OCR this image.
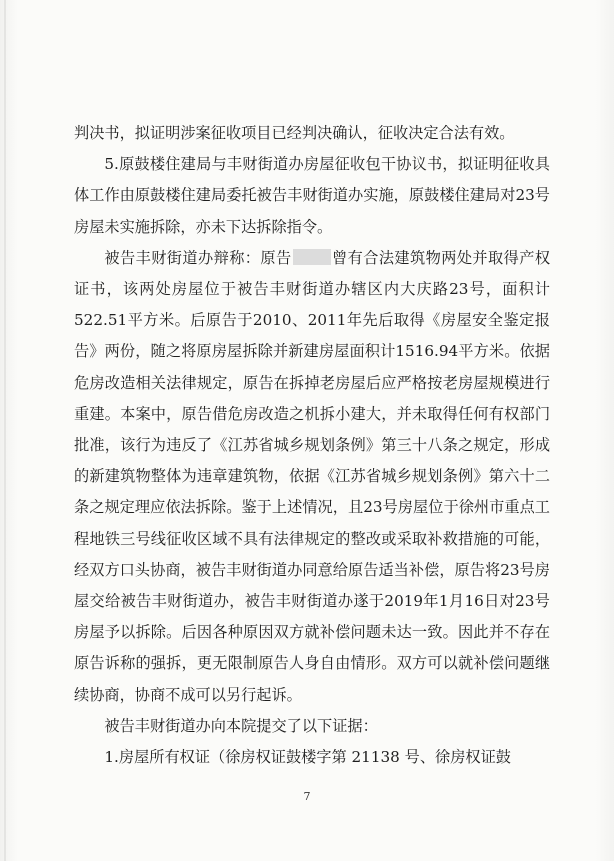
判决书，拟证明涉案征收项目已经判决确认，征收决定合法有效。

5.原鼓楼住建局与丰财街道办房屋征收包干协议书，拟证明征收具体工作由原鼓楼住建局委托被告丰财街道办实施，原鼓楼住建局对23号房屋未实施拆除，亦未下达拆除指令。

被告丰财街道办辩称：原告	曾有合法建筑物两处并取得产权证书，该两处房屋位于被告丰财街道办辖区内大庆路23号，面积计522.51平方米。后原告于2010、2011年先后取得《房屋安全鉴定报告》两份，随之将原房屋拆除并新建房屋面积计1516.94平方米。依据危房改造相关法律规定，原告在拆掉老房屋后应严格按老房屋规模进行重建。本案中，原告借危房改造之机拆小建大，并未取得任何有权部门批准，该行为违反了《江苏省城乡规划条例》第三十八条之规定，形成的新建筑物整体为违章建筑物，依据《江苏省城乡规划条例》第六十二条之规定理应依法拆除。鉴于上述情况，且23号房屋位于徐州市重点工程地铁三号线征收区域不具有法律规定的整改或采取补救措施的可能，经双方口头协商，被告丰财街道办同意给原告适当补偿，原告将23号房屋交给被告丰财街道办，被告丰财街道办遂于2019年1月16日对23号房屋予以拆除。后因各种原因双方就补偿问题未达一致。因此并不存在原告诉称的强拆，更无限制原告人身自由情形。双方可以就补偿问题继续协商，协商不成可以另行起诉。

被告丰财街道办向本院提交了以下证据：

1.房屋所有权证（徐房权证鼓楼字第 21138 号、徐房权证鼓

7
